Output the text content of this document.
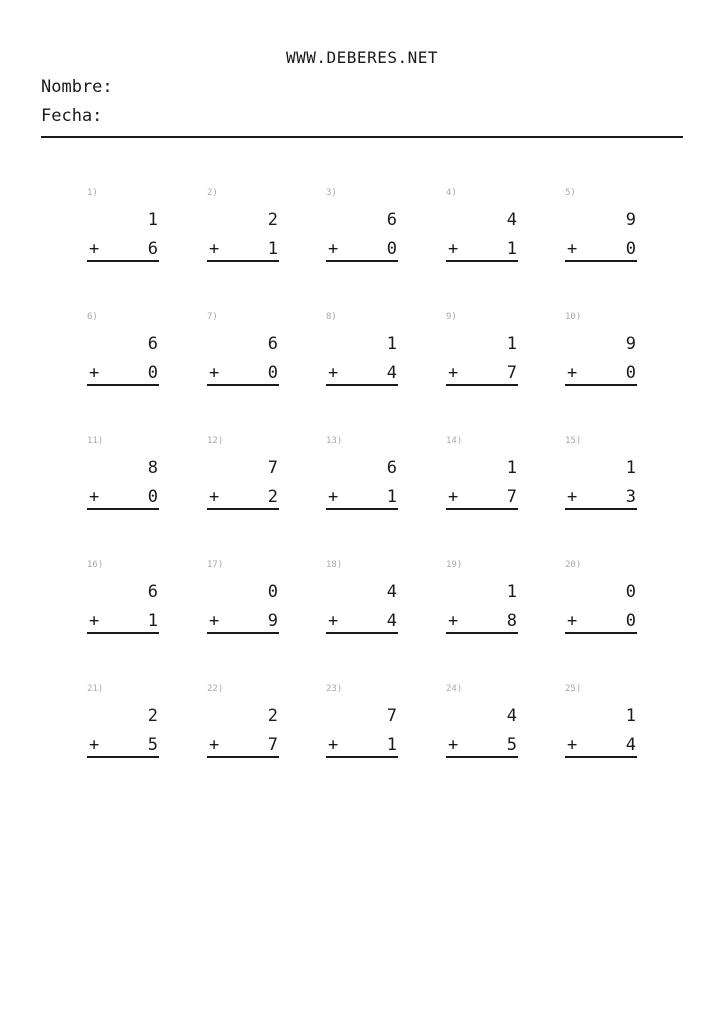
WWW.DEBERES.NET
Nombre:
Fecha:
1)
1
+	6
2)
2
+	1
3)
6
+	0
4)
4
+	1
5)
9
+	0
6)
6
+	0
7)
6
+	0
8)
1
+	4
9)
1
+	7
10)
9
+	0
11)
8
+	0
12)
7
+	2
13)
6
+	1
14)
1
+	7
15)
1
+	3
16)
6
+	1
17)
0
+	9
18)
4
+	4
19)
1
+	8
20)
0
+	0
21)
2
+	5
22)
2
+	7
23)
7
+	1
24)
4
+	5
25)
1
+	4
